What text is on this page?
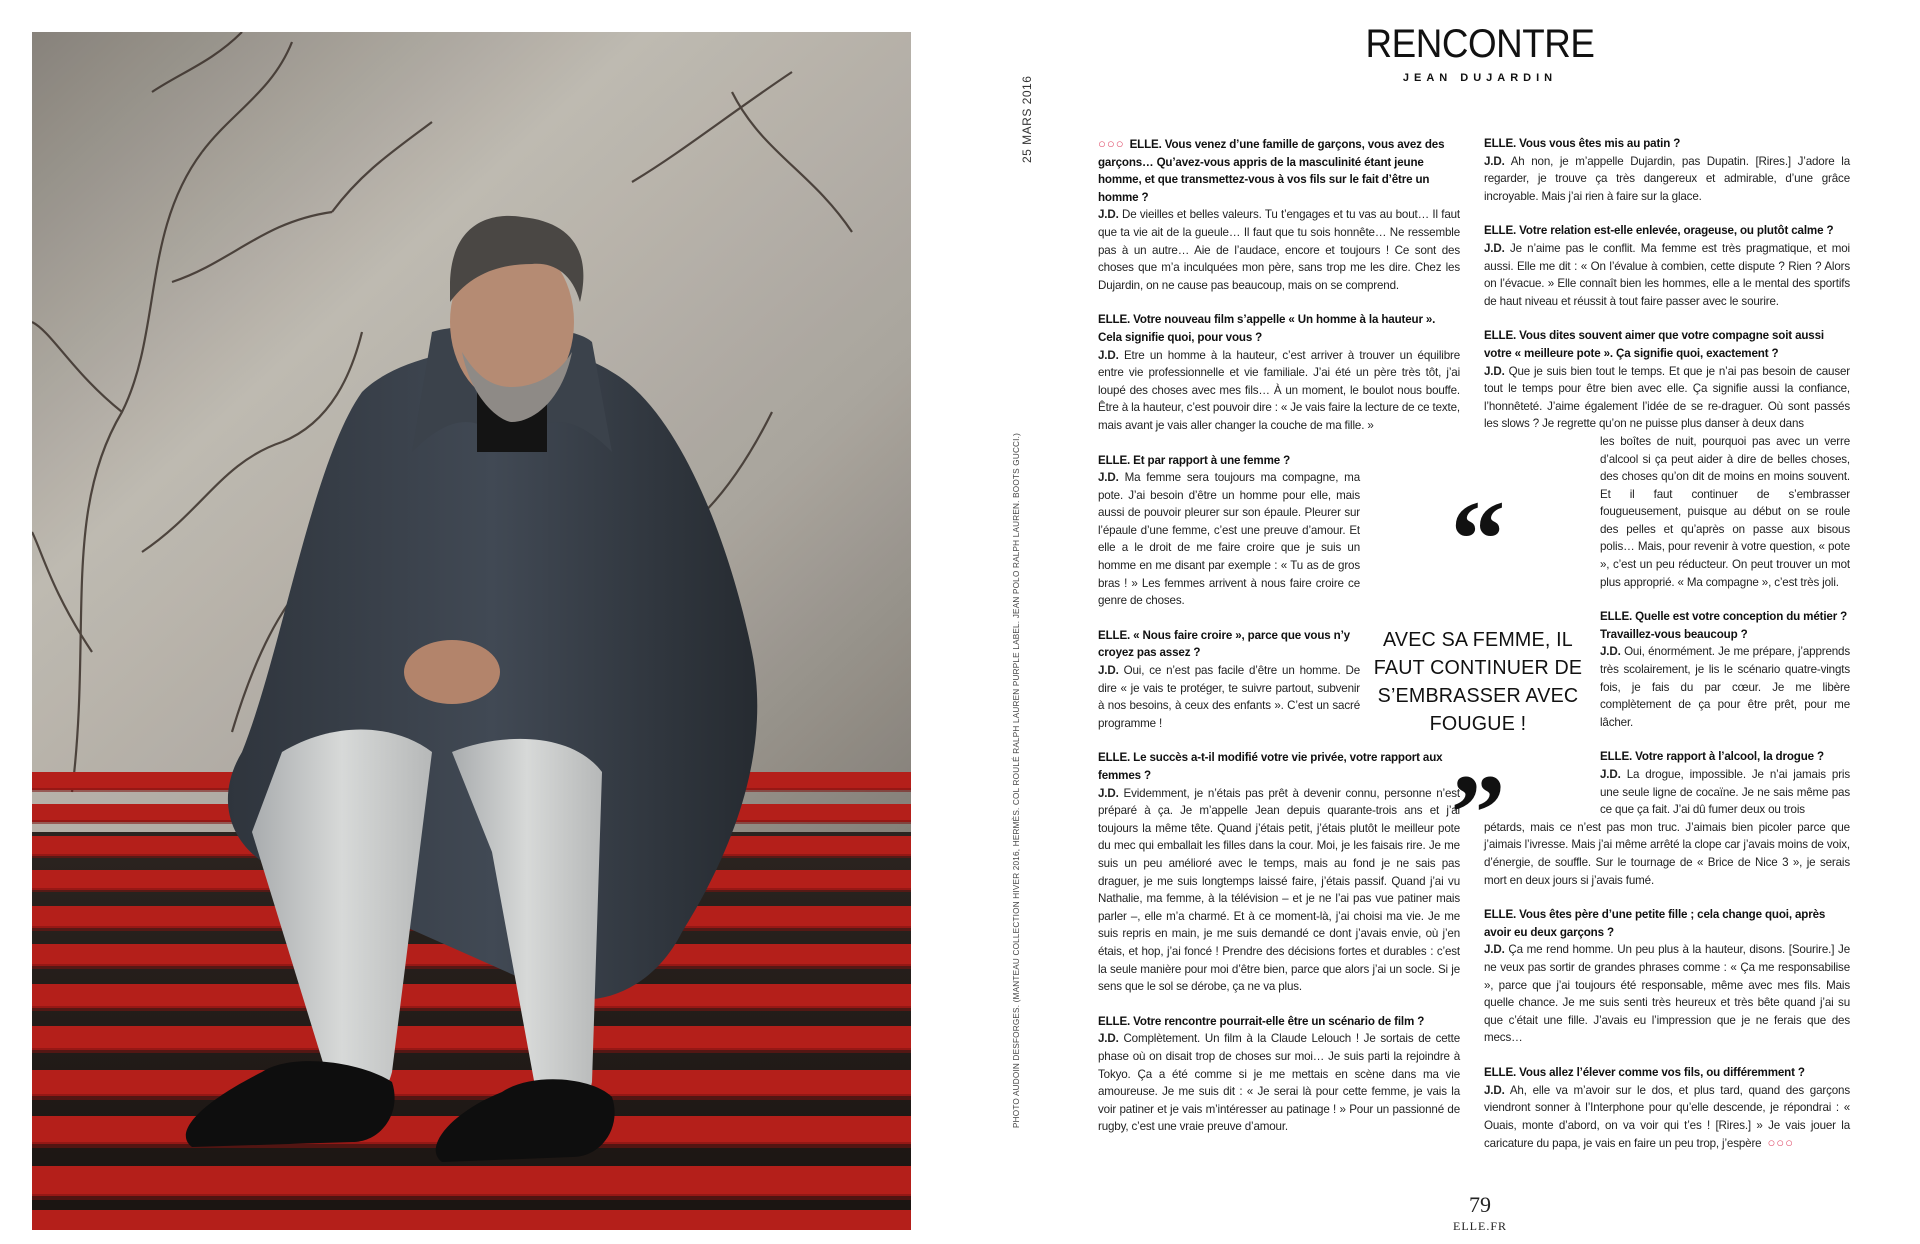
25 MARS 2016
PHOTO AUDOIN DESFORGES. (MANTEAU COLLECTION HIVER 2016, HERMÈS. COL ROULÉ RALPH LAUREN PURPLE LABEL. JEAN POLO RALPH LAUREN. BOOTS GUCCI.)
RENCONTRE
JEAN DUJARDIN
○○○ ELLE. Vous venez d’une famille de garçons, vous avez des garçons… Qu’avez-vous appris de la masculinité étant jeune homme, et que transmettez-vous à vos fils sur le fait d’être un homme ?
J.D. De vieilles et belles valeurs. Tu t’engages et tu vas au bout… Il faut que ta vie ait de la gueule… Il faut que tu sois honnête… Ne ressemble pas à un autre… Aie de l’audace, encore et toujours ! Ce sont des choses que m’a inculquées mon père, sans trop me les dire. Chez les Dujardin, on ne cause pas beaucoup, mais on se comprend.
ELLE. Votre nouveau film s’appelle « Un homme à la hauteur ». Cela signifie quoi, pour vous ?
J.D. Etre un homme à la hauteur, c’est arriver à trouver un équilibre entre vie professionnelle et vie familiale. J’ai été un père très tôt, j’ai loupé des choses avec mes fils… À un moment, le boulot nous bouffe. Être à la hauteur, c’est pouvoir dire : « Je vais faire la lecture de ce texte, mais avant je vais aller changer la couche de ma fille. »
ELLE. Et par rapport à une femme ?
J.D. Ma femme sera toujours ma compagne, ma pote. J’ai besoin d’être un homme pour elle, mais aussi de pouvoir pleurer sur son épaule. Pleurer sur l’épaule d’une femme, c’est une preuve d’amour. Et elle a le droit de me faire croire que je suis un homme en me disant par exemple : « Tu as de gros bras ! » Les femmes arrivent à nous faire croire ce genre de choses.
ELLE. « Nous faire croire », parce que vous n’y croyez pas assez ?
J.D. Oui, ce n’est pas facile d’être un homme. De dire « je vais te protéger, te suivre partout, subvenir à nos besoins, à ceux des enfants ». C’est un sacré programme !
ELLE. Le succès a-t-il modifié votre vie privée, votre rapport aux femmes ?
J.D. Evidemment, je n’étais pas prêt à devenir connu, personne n’est préparé à ça. Je m’appelle Jean depuis quarante-trois ans et j’ai toujours la même tête. Quand j’étais petit, j’étais plutôt le meilleur pote du mec qui emballait les filles dans la cour. Moi, je les faisais rire. Je me suis un peu amélioré avec le temps, mais au fond je ne sais pas draguer, je me suis longtemps laissé faire, j’étais passif. Quand j’ai vu Nathalie, ma femme, à la télévision – et je ne l’ai pas vue patiner mais parler –, elle m’a charmé. Et à ce moment-là, j’ai choisi ma vie. Je me suis repris en main, je me suis demandé ce dont j’avais envie, où j’en étais, et hop, j’ai foncé ! Prendre des décisions fortes et durables : c’est la seule manière pour moi d’être bien, parce que alors j’ai un socle. Si je sens que le sol se dérobe, ça ne va plus.
ELLE. Votre rencontre pourrait-elle être un scénario de film ?
J.D. Complètement. Un film à la Claude Lelouch ! Je sortais de cette phase où on disait trop de choses sur moi… Je suis parti la rejoindre à Tokyo. Ça a été comme si je me mettais en scène dans ma vie amoureuse. Je me suis dit : « Je serai là pour cette femme, je vais la voir patiner et je vais m’intéresser au patinage ! » Pour un passionné de rugby, c’est une vraie preuve d’amour.
“
AVEC SA FEMME, IL FAUT CONTINUER DE S’EMBRASSER AVEC FOUGUE !
”
ELLE. Vous vous êtes mis au patin ?
J.D. Ah non, je m’appelle Dujardin, pas Dupatin. [Rires.] J’adore la regarder, je trouve ça très dangereux et admirable, d’une grâce incroyable. Mais j’ai rien à faire sur la glace.
ELLE. Votre relation est-elle enlevée, orageuse, ou plutôt calme ?
J.D. Je n’aime pas le conflit. Ma femme est très pragmatique, et moi aussi. Elle me dit : « On l’évalue à combien, cette dispute ? Rien ? Alors on l’évacue. » Elle connaît bien les hommes, elle a le mental des sportifs de haut niveau et réussit à tout faire passer avec le sourire.
ELLE. Vous dites souvent aimer que votre compagne soit aussi votre « meilleure pote ». Ça signifie quoi, exactement ?
J.D. Que je suis bien tout le temps. Et que je n’ai pas besoin de causer tout le temps pour être bien avec elle. Ça signifie aussi la confiance, l’honnêteté. J’aime également l’idée de se re-draguer. Où sont passés les slows ? Je regrette qu’on ne puisse plus danser à deux dans
les boîtes de nuit, pourquoi pas avec un verre d’alcool si ça peut aider à dire de belles choses, des choses qu’on dit de moins en moins souvent. Et il faut continuer de s’embrasser fougueusement, puisque au début on se roule des pelles et qu’après on passe aux bisous polis… Mais, pour revenir à votre question, « pote », c’est un peu réducteur. On peut trouver un mot plus approprié. « Ma compagne », c’est très joli.
ELLE. Quelle est votre conception du métier ? Travaillez-vous beaucoup ?
J.D. Oui, énormément. Je me prépare, j’apprends très scolairement, je lis le scénario quatre-vingts fois, je fais du par cœur. Je me libère complètement de ça pour être prêt, pour me lâcher.
ELLE. Votre rapport à l’alcool, la drogue ?
J.D. La drogue, impossible. Je n’ai jamais pris une seule ligne de cocaïne. Je ne sais même pas ce que ça fait. J’ai dû fumer deux ou trois
pétards, mais ce n’est pas mon truc. J’aimais bien picoler parce que j’aimais l’ivresse. Mais j’ai même arrêté la clope car j’avais moins de voix, d’énergie, de souffle. Sur le tournage de « Brice de Nice 3 », je serais mort en deux jours si j’avais fumé.
ELLE. Vous êtes père d’une petite fille ; cela change quoi, après avoir eu deux garçons ?
J.D. Ça me rend homme. Un peu plus à la hauteur, disons. [Sourire.] Je ne veux pas sortir de grandes phrases comme : « Ça me responsabilise », parce que j’ai toujours été responsable, même avec mes fils. Mais quelle chance. Je me suis senti très heureux et très bête quand j’ai su que c’était une fille. J’avais eu l’impression que je ne ferais que des mecs…
ELLE. Vous allez l’élever comme vos fils, ou différemment ?
J.D. Ah, elle va m’avoir sur le dos, et plus tard, quand des garçons viendront sonner à l’Interphone pour qu’elle descende, je répondrai : « Ouais, monte d’abord, on va voir qui t’es ! [Rires.] » Je vais jouer la caricature du papa, je vais en faire un peu trop, j’espère ○○○
79
ELLE.FR
